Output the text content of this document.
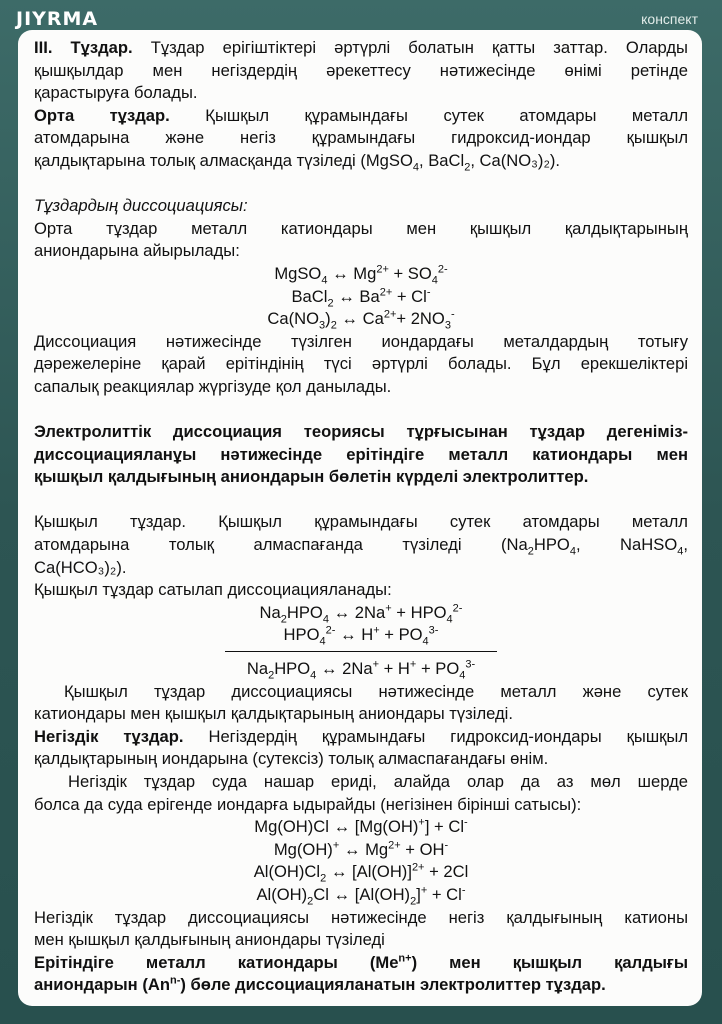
JIYRMA	конспект

III. Тұздар. Тұздар ерігіштіктері әртүрлі болатын қатты заттар. Оларды

қышқылдар мен негіздердің әрекеттесу нәтижесінде өнімі ретінде

қарастыруға болады.

Орта тұздар. Қышқыл құрамындағы сутек атомдары металл

атомдарына және негіз құрамындағы гидроксид-иондар қышқыл

қалдықтарына толық алмасқанда түзіледі (MgSO$_4$, BaCl$_2$, Ca(NO₃)₂).

Тұздардың диссоциациясы:

Орта тұздар металл катиондары мен қышқыл қалдықтарының

аниондарына айырылады:

MgSO$_4$ ↔ $Mg^{2+} + SO_4^{2-}$

BaCl$_2$ ↔ $Ba^{2+} + Cl^-$

$Ca(NO_3)_2$ ↔ $Ca^{2+}+ 2NO_3^-$

Диссоциация нәтижесінде түзілген иондардағы металдардың тотығу

дәрежелеріне қарай ерітіндінің түсі әртүрлі болады. Бұл ерекшеліктері

сапалық реакциялар жүргізуде қол данылады.

Электролиттік диссоциация теориясы тұрғысынан тұздар дегеніміз-

диссоциацияланұы нәтижесінде ерітіндіге металл катиондары мен

қышқыл қалдығының аниондарын бөлетін күрделі электролиттер.

Қышқыл тұздар. Қышқыл құрамындағы сутек атомдары металл

атомдарына толық алмаспағанда түзіледі ($Na_2HPO_4$, NaHSO$_4$,

Ca(HCO₃)₂).

Қышқыл тұздар сатылап диссоциацияланады:

$Na_2HPO_4$ ↔ $2Na^+ + HPO_4^{2-}$

$HPO_4^{2-}$ ↔ $H^+ + PO_4^{3-}$

$Na_2HPO_4$ ↔ $2Na^+ + H^+ + PO_4^{3-}$

Қышқыл тұздар диссоциациясы нәтижесінде металл және сутек

катиондары мен қышқыл қалдықтарының аниондары түзіледі.

Негіздік тұздар. Негіздердің құрамындағы гидроксид-иондары қышқыл

қалдықтарының иондарына (сутексіз) толық алмаспағандағы өнім.

Негіздік тұздар суда нашар ериді, алайда олар да аз мөл шерде

болса да суда ерігенде иондарға ыдырайды (негізінен бірінші сатысы):

Mg(OH)Cl ↔ [Mg(OH)+] + Cl-

Mg(OH)+ ↔ $Mg^{2+} + OH^-$

$Al(OH)Cl_2$ ↔ $[Al(OH)]^{2+} + 2Cl$

$Al(OH)_2Cl$ ↔ $[Al(OH)_2]^+ + Cl^-$

Негіздік тұздар диссоциациясы нәтижесінде негіз қалдығының катионы

мен қышқыл қалдығының аниондары түзіледі

Ерітіндіге металл катиондары $(Me^{n+})$ мен қышқыл қалдығы

аниондарын $(An^{n-})$ бөле диссоциацияланатын электролиттер тұздар.
